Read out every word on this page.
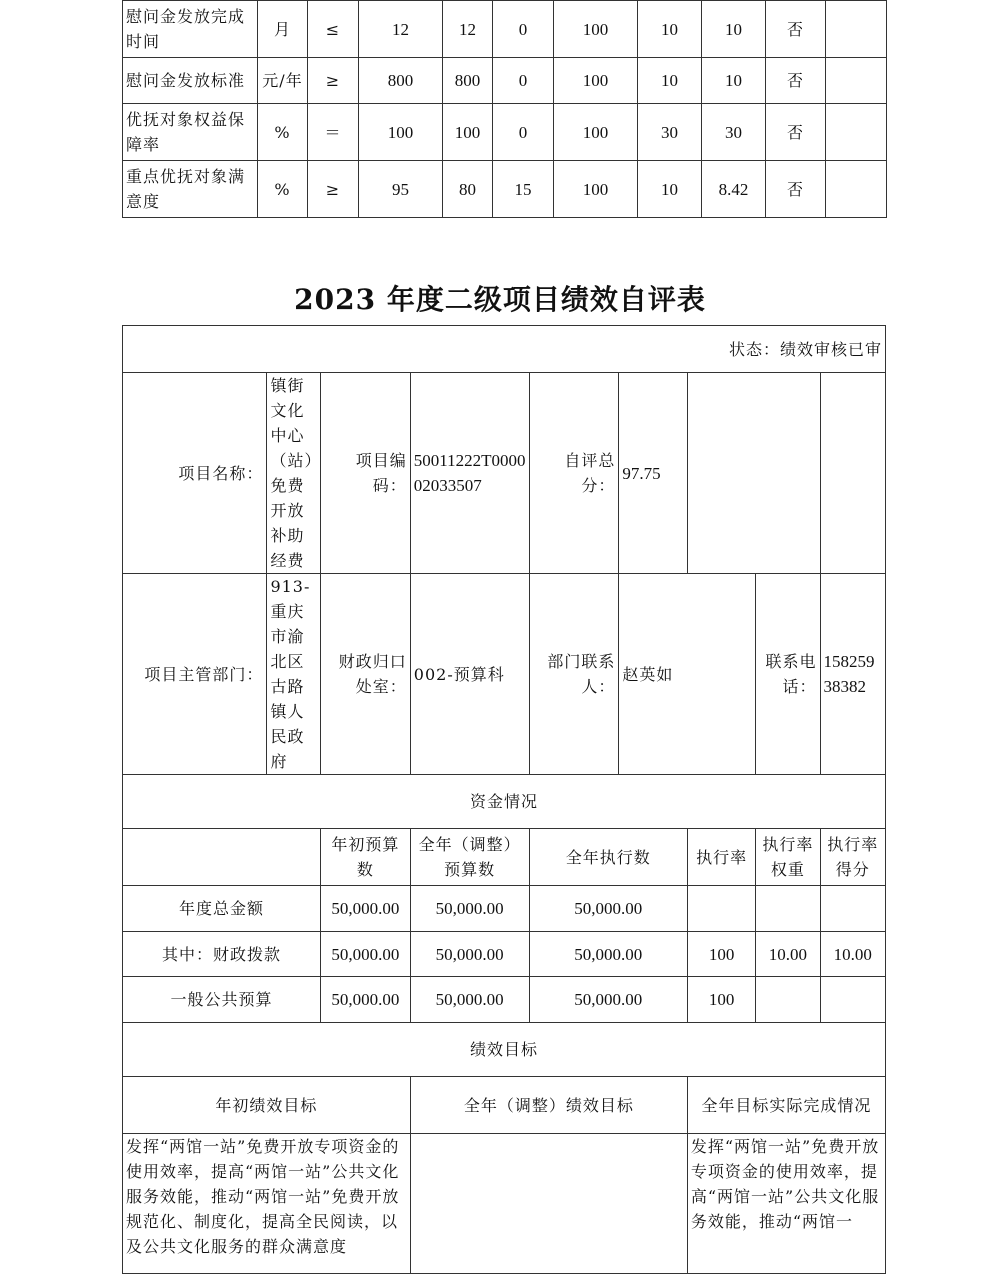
慰问金发放完成时间	月	≤	12	12	0	100	10	10	否	
慰问金发放标准	元/年	≥	800	800	0	100	10	10	否	
优抚对象权益保障率	%	＝	100	100	0	100	30	30	否	
重点优抚对象满意度	%	≥	95	80	15	100	10	8.42	否	
2023 年度二级项目绩效自评表
状态：绩效审核已审								
项目名称：	镇街文化中心（站）免费开放补助经费	项目编码：	50011222T000002033507	自评总分：	97.75			
项目主管部门：	913-重庆市渝北区古路镇人民政府	财政归口处室：	002-预算科	部门联系人：	赵英如		联系电话：	15825938382
资金情况								
		年初预算数	全年（调整）预算数	全年执行数		执行率	执行率权重	执行率得分
年度总金额		50,000.00	50,000.00	50,000.00				
其中：财政拨款		50,000.00	50,000.00	50,000.00		100	10.00	10.00
一般公共预算		50,000.00	50,000.00	50,000.00		100		
绩效目标								
年初绩效目标			全年（调整）绩效目标			全年目标实际完成情况		
发挥“两馆一站”免费开放专项资金的使用效率，提高“两馆一站”公共文化服务效能，推动“两馆一站”免费开放规范化、制度化，提高全民阅读，以及公共文化服务的群众满意度						发挥“两馆一站”免费开放专项资金的使用效率，提高“两馆一站”公共文化服务效能，推动“两馆一		
